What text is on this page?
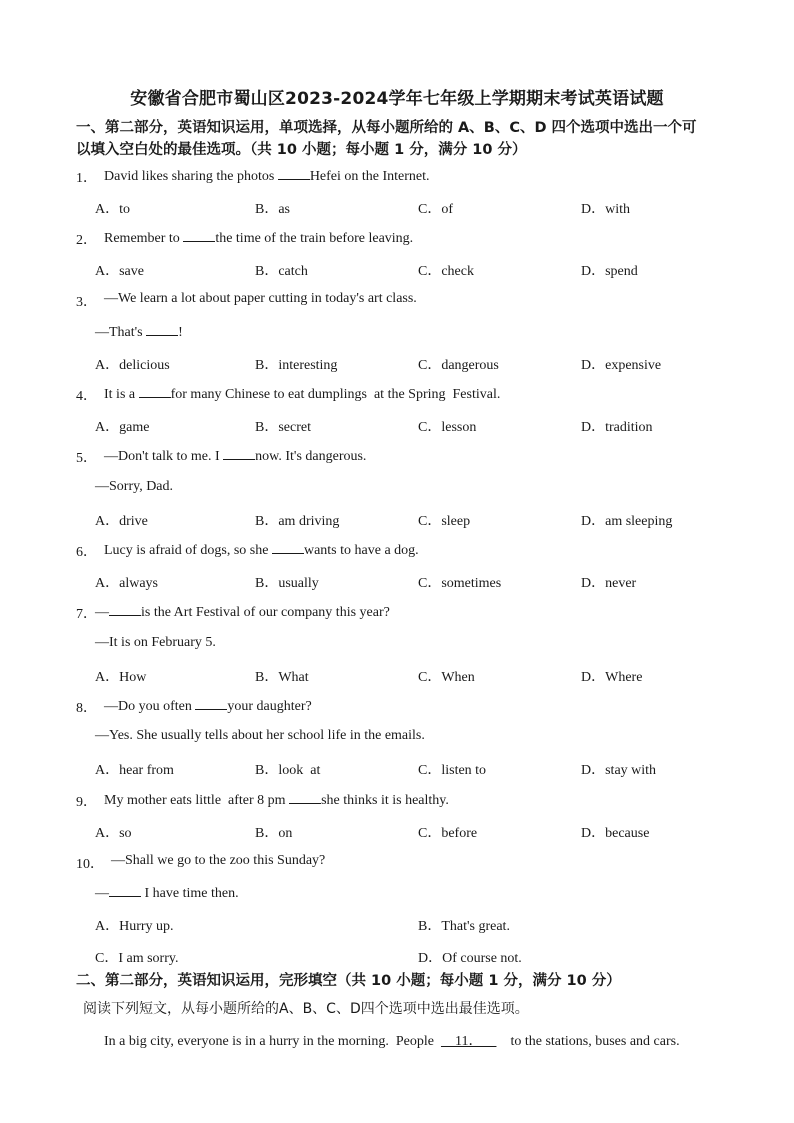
安徽省合肥市蜀山区2023-2024学年七年级上学期期末考试英语试题
一、第二部分，英语知识运用，单项选择，从每小题所给的 A、B、C、D 四个选项中选出一个可
以填入空白处的最佳选项。（共 10 小题；每小题 1 分，满分 10 分）
1． David likes sharing the photos Hefei on the Internet.
A．to	B．as	C．of	D．with
2． Remember to the time of the train before leaving.
A．save	B．catch	C．check	D．spend
3． —We learn a lot about paper cutting in today's art class.
—That's !
A．delicious	B．interesting	C．dangerous	D．expensive
4． It is a for many Chinese to eat dumplings  at the Spring  Festival.
A．game	B．secret	C．lesson	D．tradition
5． —Don't talk to me. I now. It's dangerous.
—Sorry, Dad.
A．drive	B．am driving	C．sleep	D．am sleeping
6． Lucy is afraid of dogs, so she wants to have a dog.
A．always	B．usually	C．sometimes	D．never
7．
— is the Art Festival of our company this year?
—It is on February 5.
A．How	B．What	C．When	D．Where
8． —Do you often your daughter?
—Yes. She usually tells about her school life in the emails.
A．hear from	B．look  at	C．listen to	D．stay with
9． My mother eats little  after 8 pm she thinks it is healthy.
A．so	B．on	C．before	D．because
10． —Shall we go to the zoo this Sunday?
— I have time then.
A．Hurry up.	B．That's great.
C．I am sorry.	D．Of course not.
二、第二部分，英语知识运用，完形填空（共 10 小题；每小题 1 分，满分 10 分）
阅读下列短文，从每小题所给的A、B、C、D四个选项中选出最佳选项。
In a big city, everyone is in a hurry in the morning.  People      11．        to the stations, buses and cars.
